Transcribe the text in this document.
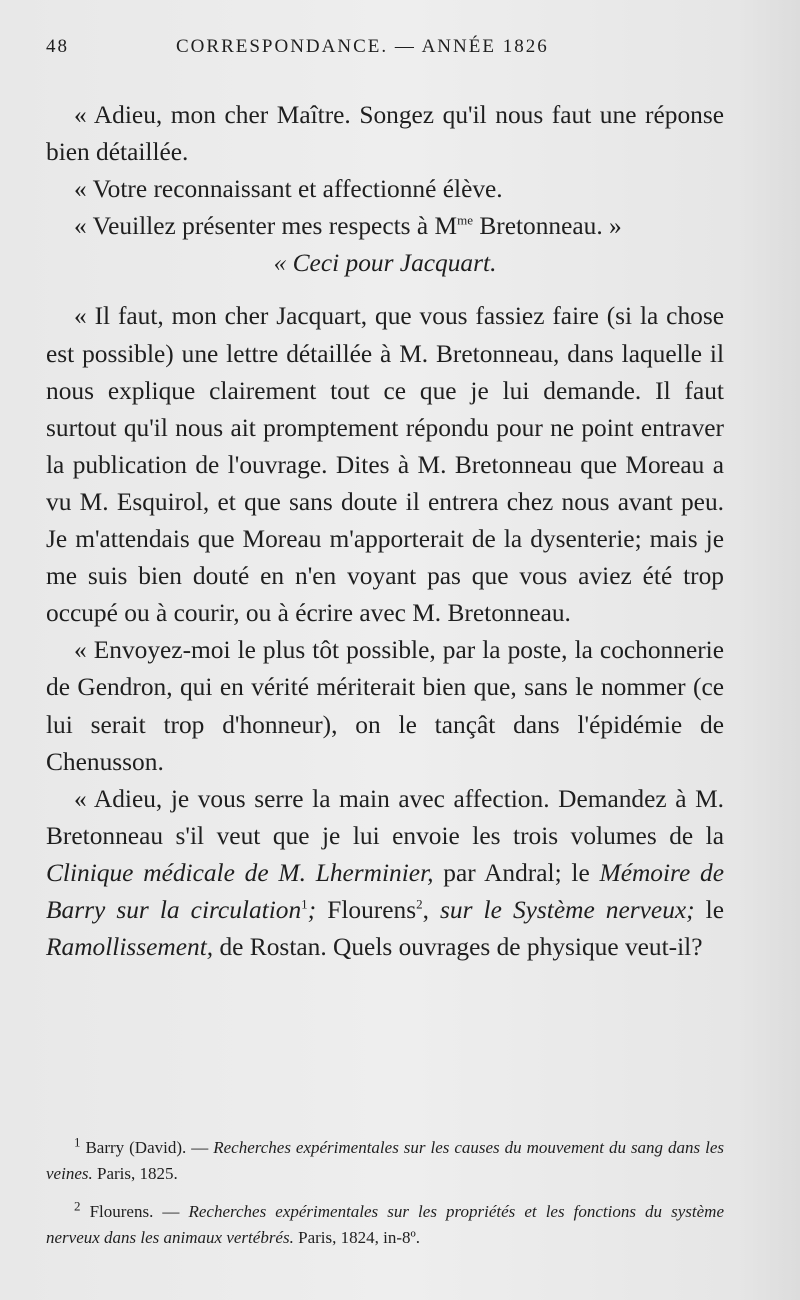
48	CORRESPONDANCE. — ANNÉE 1826

« Adieu, mon cher Maître. Songez qu'il nous faut une réponse bien détaillée.

« Votre reconnaissant et affectionné élève.

« Veuillez présenter mes respects à $M^{me}$ Bretonneau. »

« Ceci pour Jacquart.

« Il faut, mon cher Jacquart, que vous fassiez faire (si la chose est possible) une lettre détaillée à M. Bretonneau, dans laquelle il nous explique clairement tout ce que je lui demande. Il faut surtout qu'il nous ait promptement répondu pour ne point entraver la publication de l'ouvrage. Dites à M. Bretonneau que Moreau a vu M. Esquirol, et que sans doute il entrera chez nous avant peu. Je m'attendais que Moreau m'apporterait de la dysenterie; mais je me suis bien douté en n'en voyant pas que vous aviez été trop occupé ou à courir, ou à écrire avec M. Bretonneau.

« Envoyez-moi le plus tôt possible, par la poste, la cochonnerie de Gendron, qui en vérité mériterait bien que, sans le nommer (ce lui serait trop d'honneur), on le tançât dans l'épidémie de Chenusson.

« Adieu, je vous serre la main avec affection. Demandez à M. Bretonneau s'il veut que je lui envoie les trois volumes de la Clinique médicale de M. Lherminier, par Andral; le Mémoire de Barry sur la circulation$^1$; Flourens$^2$, sur le Système nerveux; le Ramollissement, de Rostan. Quels ouvrages de physique veut-il?

$^1$ Barry (David). — Recherches expérimentales sur les causes du mouvement du sang dans les veines. Paris, 1825.

$^2$ Flourens. — Recherches expérimentales sur les propriétés et les fonctions du système nerveux dans les animaux vertébrés. Paris, 1824, in-8º.
